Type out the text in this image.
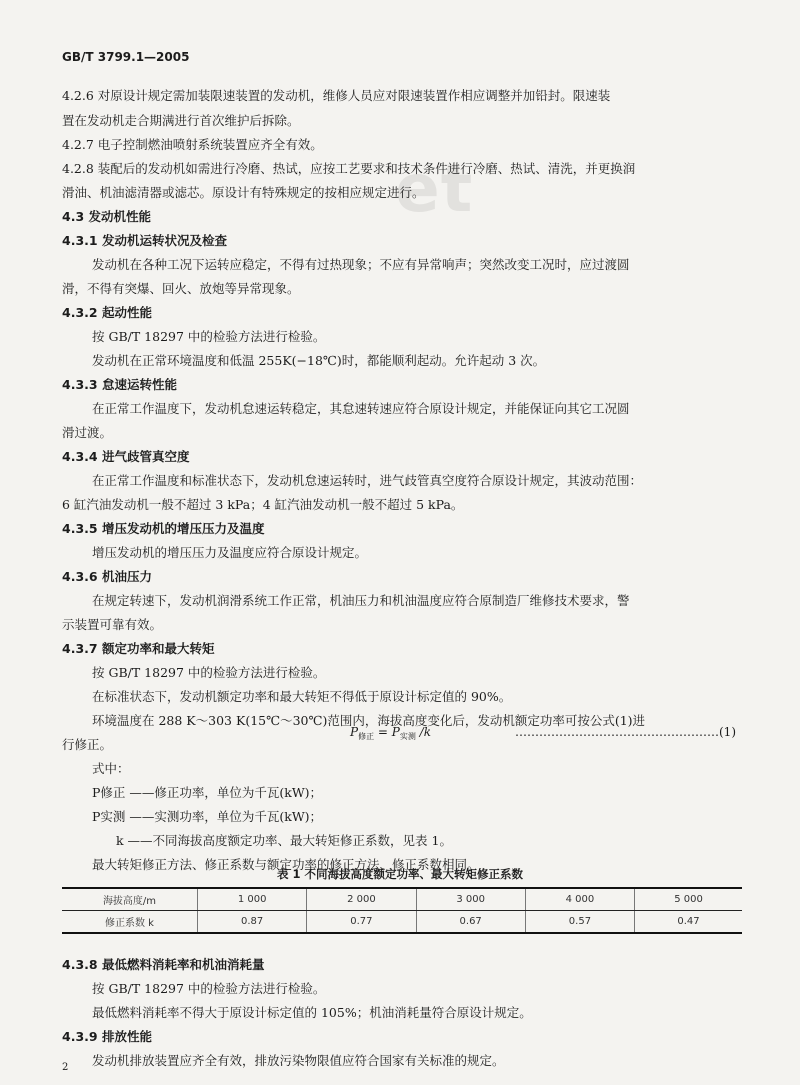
GB/T 3799.1—2005
et
4.2.6 对原设计规定需加装限速装置的发动机，维修人员应对限速装置作相应调整并加铅封。限速装
置在发动机走合期满进行首次维护后拆除。
4.2.7 电子控制燃油喷射系统装置应齐全有效。
4.2.8 装配后的发动机如需进行冷磨、热试，应按工艺要求和技术条件进行冷磨、热试、清洗，并更换润
滑油、机油滤清器或滤芯。原设计有特殊规定的按相应规定进行。
4.3 发动机性能
4.3.1 发动机运转状况及检查
发动机在各种工况下运转应稳定，不得有过热现象；不应有异常响声；突然改变工况时，应过渡圆
滑，不得有突爆、回火、放炮等异常现象。
4.3.2 起动性能
按 GB/T 18297 中的检验方法进行检验。
发动机在正常环境温度和低温 255K(−18℃)时，都能顺利起动。允许起动 3 次。
4.3.3 怠速运转性能
在正常工作温度下，发动机怠速运转稳定，其怠速转速应符合原设计规定，并能保证向其它工况圆
滑过渡。
4.3.4 进气歧管真空度
在正常工作温度和标准状态下，发动机怠速运转时，进气歧管真空度符合原设计规定，其波动范围：
6 缸汽油发动机一般不超过 3 kPa；4 缸汽油发动机一般不超过 5 kPa。
4.3.5 增压发动机的增压压力及温度
增压发动机的增压压力及温度应符合原设计规定。
4.3.6 机油压力
在规定转速下，发动机润滑系统工作正常，机油压力和机油温度应符合原制造厂维修技术要求，警
示装置可靠有效。
4.3.7 额定功率和最大转矩
按 GB/T 18297 中的检验方法进行检验。
在标准状态下，发动机额定功率和最大转矩不得低于原设计标定值的 90%。
环境温度在 288 K～303 K(15℃～30℃)范围内，海拔高度变化后，发动机额定功率可按公式(1)进
行修正。
式中：
P修正 ——修正功率，单位为千瓦(kW)；
P实测 ——实测功率，单位为千瓦(kW)；
k ——不同海拔高度额定功率、最大转矩修正系数，见表 1。
最大转矩修正方法、修正系数与额定功率的修正方法、修正系数相同。
4.3.8 最低燃料消耗率和机油消耗量
按 GB/T 18297 中的检验方法进行检验。
最低燃料消耗率不得大于原设计标定值的 105%；机油消耗量符合原设计规定。
4.3.9 排放性能
发动机排放装置应齐全有效，排放污染物限值应符合国家有关标准的规定。
$P_{修正} = P_{实测}$ /k	……………………………………………(1)
表 1 不同海拔高度额定功率、最大转矩修正系数
海拔高度/m	1 000	2 000	3 000	4 000	5 000
修正系数 k	0.87	0.77	0.67	0.57	0.47
2
